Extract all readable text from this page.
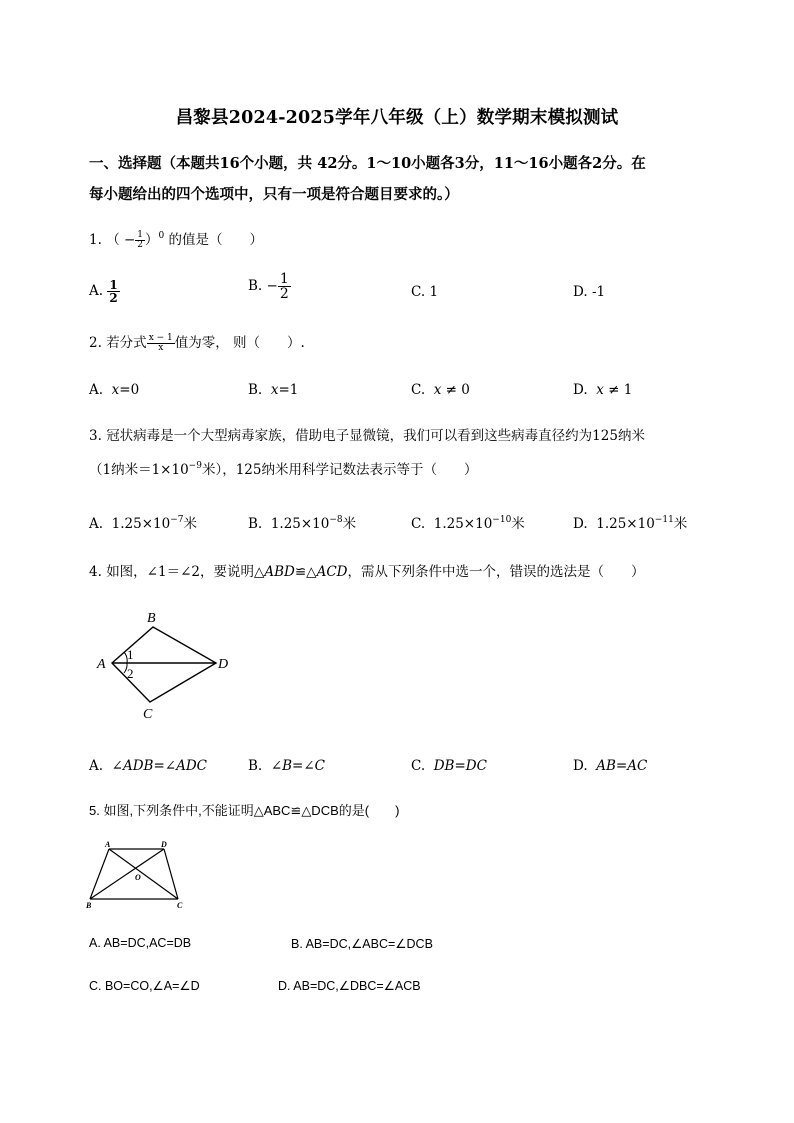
昌黎县2024-2025学年八年级（上）数学期末模拟测试
一、选择题（本题共16个小题，共 42分。1～10小题各3分，11～16小题各2分。在
每小题给出的四个选项中，只有一项是符合题目要求的。）
1. （ − $\frac{1}{2} )^0$ 的值是（　　）
A. $\frac{1}{2}$	B. − $\frac{1}{2}$	C. 1	D. -1
2. 若分式 $\frac{x - 1}{x}$ 值为零， 则（　　）.
A. x=0	B. x=1	C. x ≠ 0	D. x ≠ 1
3. 冠状病毒是一个大型病毒家族，借助电子显微镜，我们可以看到这些病毒直径约为125纳米
（1纳米$=1\times 10^{-9}$米），125纳米用科学记数法表示等于（　　）
A. $1.25\times 10^{-7}$米	B. $1.25\times 10^{-8}$米	C. $1.25\times 10^{-10}$米	D. $1.25\times 10^{-11}$米
4. 如图，∠1＝∠2，要说明△ABD≌△ACD，需从下列条件中选一个，错误的选法是（　　）
A
B
C
D
1
2
A. ∠ADB=∠ADC	B. ∠B=∠C	C. DB=DC	D. AB=AC
5. 如图,下列条件中,不能证明△ABC≌△DCB的是(　　)
A	D
O
B	C
A. AB=DC,AC=DB	B. AB=DC,∠ABC=∠DCB
C. BO=CO,∠A=∠D	D. AB=DC,∠DBC=∠ACB
